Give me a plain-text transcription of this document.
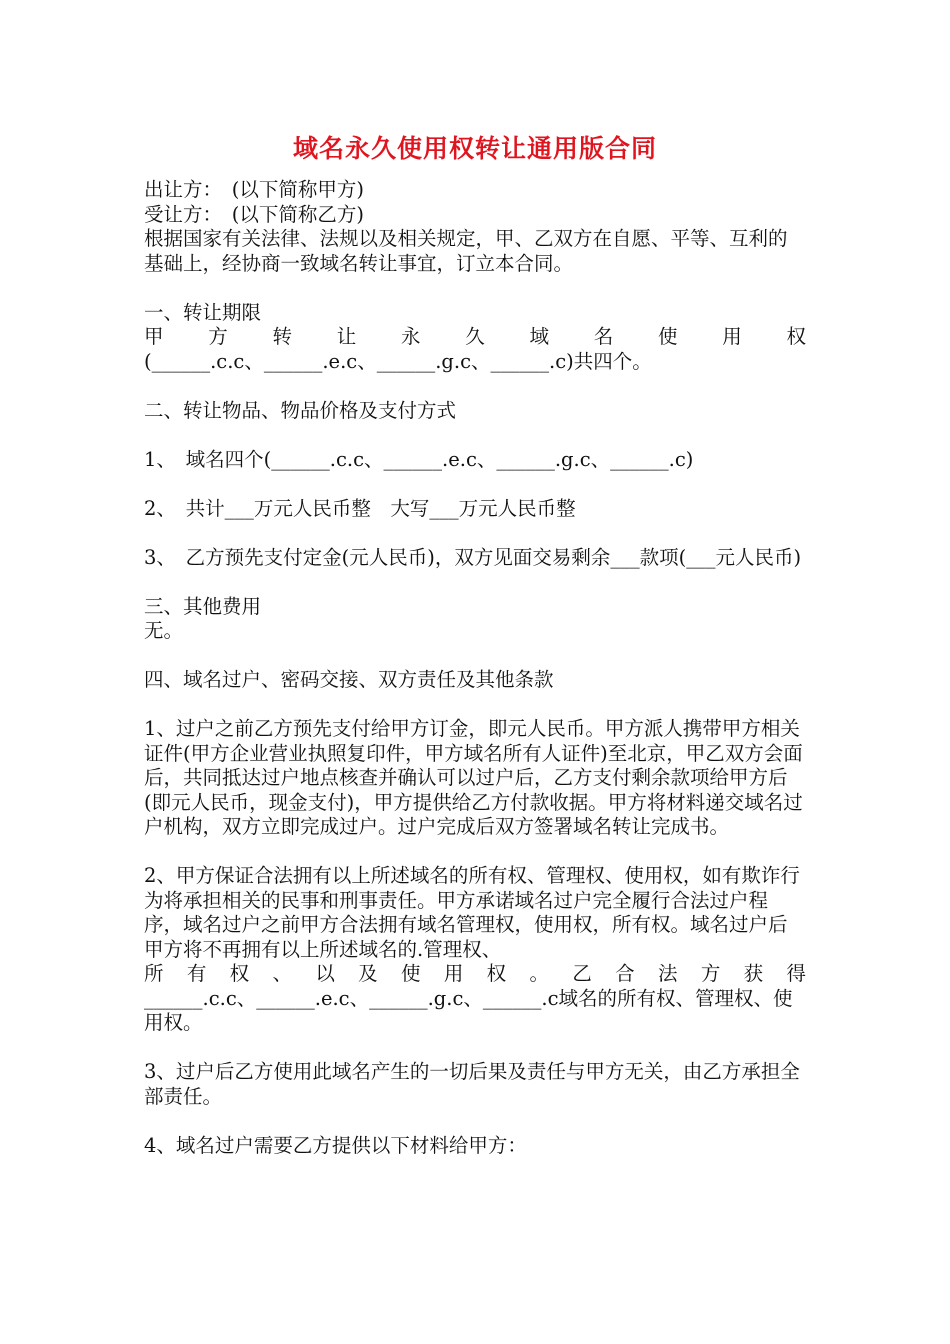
域名永久使用权转让通用版合同

出让方：　(以下简称甲方)

受让方：　(以下简称乙方)

根据国家有关法律、法规以及相关规定，甲、乙双方在自愿、平等、互利的基础上，经协商一致域名转让事宜，订立本合同。

一、转让期限

甲方转让永久域名使用权

(______.c.c、______.e.c、______.g.c、______.c)共四个。

二、转让物品、物品价格及支付方式

1、　域名四个(______.c.c、______.e.c、______.g.c、______.c)

2、　共计___万元人民币整　大写___万元人民币整

3、　乙方预先支付定金(元人民币)，双方见面交易剩余___款项(___元人民币)

三、其他费用

无。

四、域名过户、密码交接、双方责任及其他条款

1、过户之前乙方预先支付给甲方订金，即元人民币。甲方派人携带甲方相关证件(甲方企业营业执照复印件，甲方域名所有人证件)至北京，甲乙双方会面后，共同抵达过户地点核查并确认可以过户后，乙方支付剩余款项给甲方后(即元人民币，现金支付)，甲方提供给乙方付款收据。甲方将材料递交域名过户机构，双方立即完成过户。过户完成后双方签署域名转让完成书。

2、甲方保证合法拥有以上所述域名的所有权、管理权、使用权，如有欺诈行为将承担相关的民事和刑事责任。甲方承诺域名过户完全履行合法过户程序，域名过户之前甲方合法拥有域名管理权，使用权，所有权。域名过户后甲方将不再拥有以上所述域名的.管理权、

所有权、以及使用权。乙合法方获得

______.c.c、______.e.c、______.g.c、______.c域名的所有权、管理权、使用权。

3、过户后乙方使用此域名产生的一切后果及责任与甲方无关，由乙方承担全部责任。

4、域名过户需要乙方提供以下材料给甲方：
